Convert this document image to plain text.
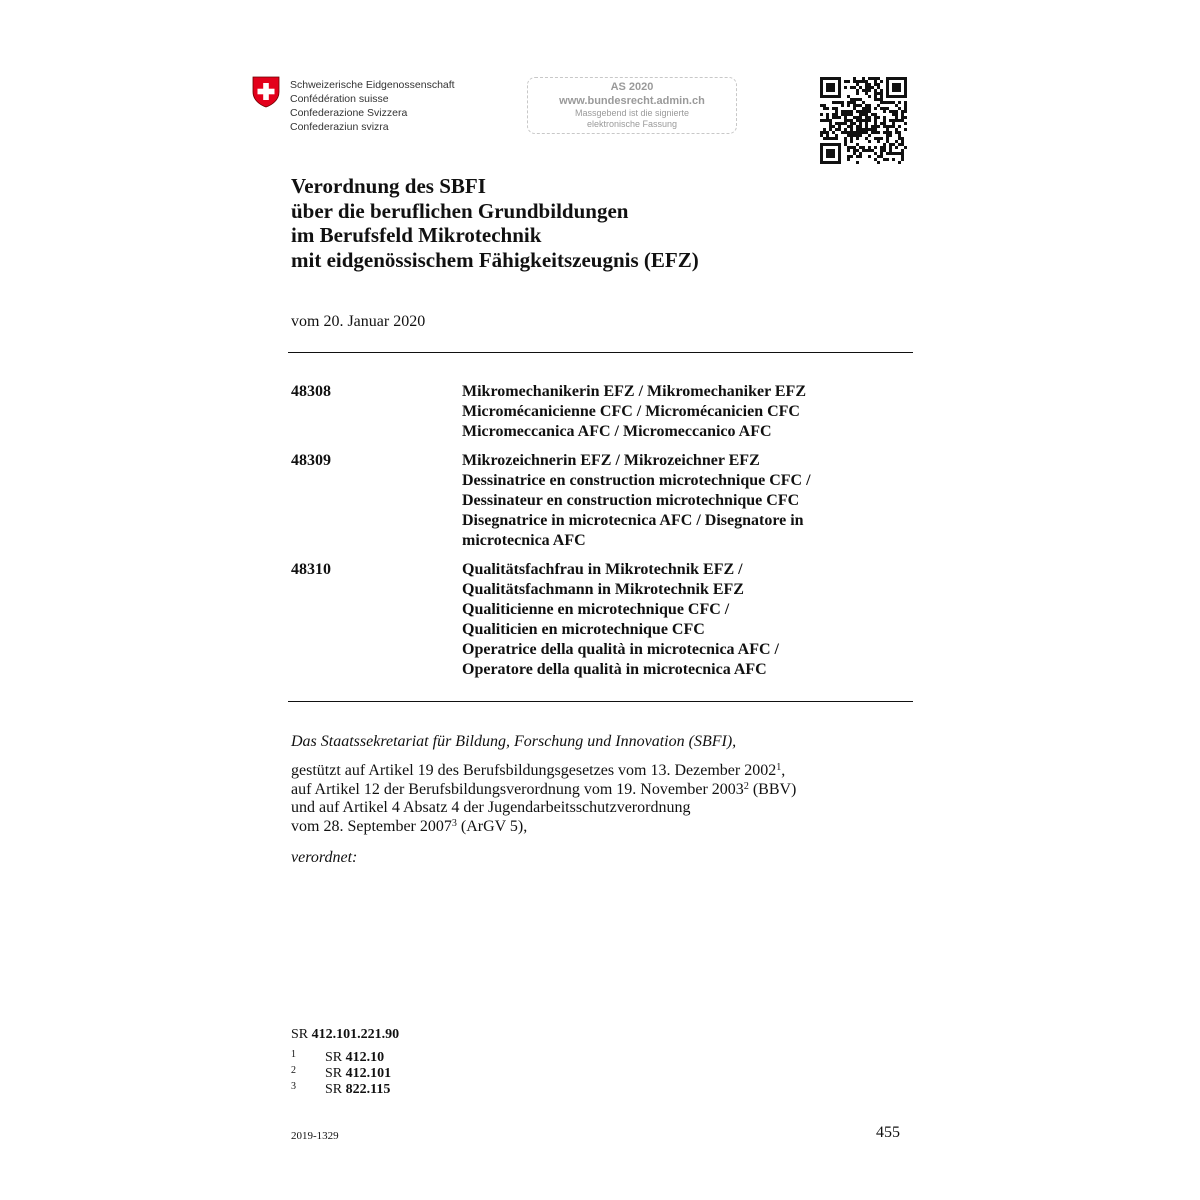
Schweizerische Eidgenossenschaft
Confédération suisse
Confederazione Svizzera
Confederaziun svizra
AS 2020
www.bundesrecht.admin.ch
Massgebend ist die signierte
elektronische Fassung
Verordnung des SBFI
über die beruflichen Grundbildungen
im Berufsfeld Mikrotechnik
mit eidgenössischem Fähigkeitszeugnis (EFZ)
vom 20. Januar 2020
48308	Mikromechanikerin EFZ / Mikromechaniker EFZ
Micromécanicienne CFC / Micromécanicien CFC
Micromeccanica AFC / Micromeccanico AFC
48309	Mikrozeichnerin EFZ / Mikrozeichner EFZ
Dessinatrice en construction microtechnique CFC /
Dessinateur en construction microtechnique CFC
Disegnatrice in microtecnica AFC / Disegnatore in
microtecnica AFC
48310	Qualitätsfachfrau in Mikrotechnik EFZ /
Qualitätsfachmann in Mikrotechnik EFZ
Qualiticienne en microtechnique CFC /
Qualiticien en microtechnique CFC
Operatrice della qualità in microtecnica AFC /
Operatore della qualità in microtecnica AFC
Das Staatssekretariat für Bildung, Forschung und Innovation (SBFI),
gestützt auf Artikel 19 des Berufsbildungsgesetzes vom 13. Dezember 2002$^1$,
auf Artikel 12 der Berufsbildungsverordnung vom 19. November 2003$^2$ (BBV)
und auf Artikel 4 Absatz 4 der Jugendarbeitsschutzverordnung
vom 28. September 2007$^3$ (ArGV 5),
verordnet:
SR 412.101.221.90
1 SR 412.10
2 SR 412.101
3 SR 822.115
2019-1329	455
